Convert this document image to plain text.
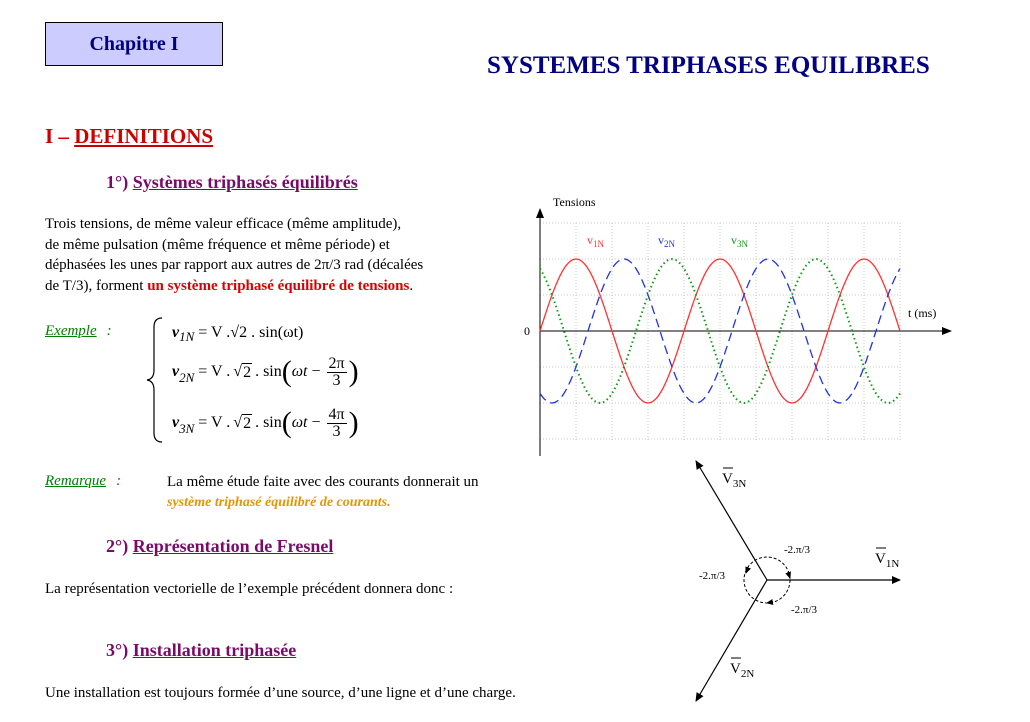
Chapitre I
SYSTEMES TRIPHASES EQUILIBRES
I – DEFINITIONS
1°) Systèmes triphasés équilibrés
Trois tensions, de même valeur efficace (même amplitude),
de même pulsation (même fréquence et même période) et
déphasées les unes par rapport aux autres de 2π/3 rad (décalées
de T/3), forment un système triphasé équilibré de tensions.
Exemple :	v 1N = V .√2 . sin(ωt)
v 2N = V . √ 2 . sin ( $\omega t - \frac{2\pi}{3}$ )
v 3N = V . √ 2 . sin ( $\omega t - \frac{4\pi}{3}$ )
Remarque :	La même étude faite avec des courants donnerait un
système triphasé équilibré de courants.
2°) Représentation de Fresnel
La représentation vectorielle de l’exemple précédent donnera donc :
3°) Installation triphasée
Une installation est toujours formée d’une source, d’une ligne et d’une charge.
Tensions
t (ms)
0
$v_{1N}$	$v_{2N}$	$v_{3N}$
-2.π/3
-2.π/3
-2.π/3
$V_{3N}$
$V_{1N}$
$V_{2N}$
